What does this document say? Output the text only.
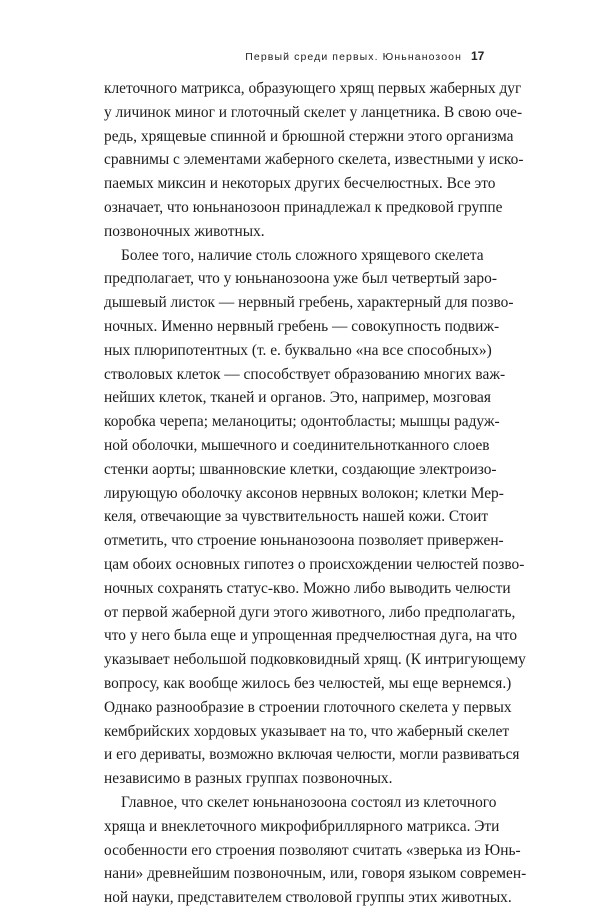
Первый среди первых. Юньнанозоон 17
клеточного матрикса, образующего хрящ первых жаберных дуг
у личинок миног и глоточный скелет у ланцетника. В свою оче-
редь, хрящевые спинной и брюшной стержни этого организма
сравнимы с элементами жаберного скелета, известными у иско-
паемых миксин и некоторых других бесчелюстных. Все это
означает, что юньнанозоон принадлежал к предковой группе
позвоночных животных.
Более того, наличие столь сложного хрящевого скелета
предполагает, что у юньнанозоона уже был четвертый заро-
дышевый листок — нервный гребень, характерный для позво-
ночных. Именно нервный гребень — совокупность подвиж-
ных плюрипотентных (т. е. буквально «на все способных»)
стволовых клеток — способствует образованию многих важ-
нейших клеток, тканей и органов. Это, например, мозговая
коробка черепа; меланоциты; одонтобласты; мышцы радуж-
ной оболочки, мышечного и соединительнотканного слоев
стенки аорты; шванновские клетки, создающие электроизо-
лирующую оболочку аксонов нервных волокон; клетки Мер-
келя, отвечающие за чувствительность нашей кожи. Стоит
отметить, что строение юньнанозоона позволяет привержен-
цам обоих основных гипотез о происхождении челюстей позво-
ночных сохранять статус-кво. Можно либо выводить челюсти
от первой жаберной дуги этого животного, либо предполагать,
что у него была еще и упрощенная предчелюстная дуга, на что
указывает небольшой подковковидный хрящ. (К интригующему
вопросу, как вообще жилось без челюстей, мы еще вернемся.)
Однако разнообразие в строении глоточного скелета у первых
кембрийских хордовых указывает на то, что жаберный скелет
и его дериваты, возможно включая челюсти, могли развиваться
независимо в разных группах позвоночных.
Главное, что скелет юньнанозоона состоял из клеточного
хряща и внеклеточного микрофибриллярного матрикса. Эти
особенности его строения позволяют считать «зверька из Юнь-
нани» древнейшим позвоночным, или, говоря языком современ-
ной науки, представителем стволовой группы этих животных.
